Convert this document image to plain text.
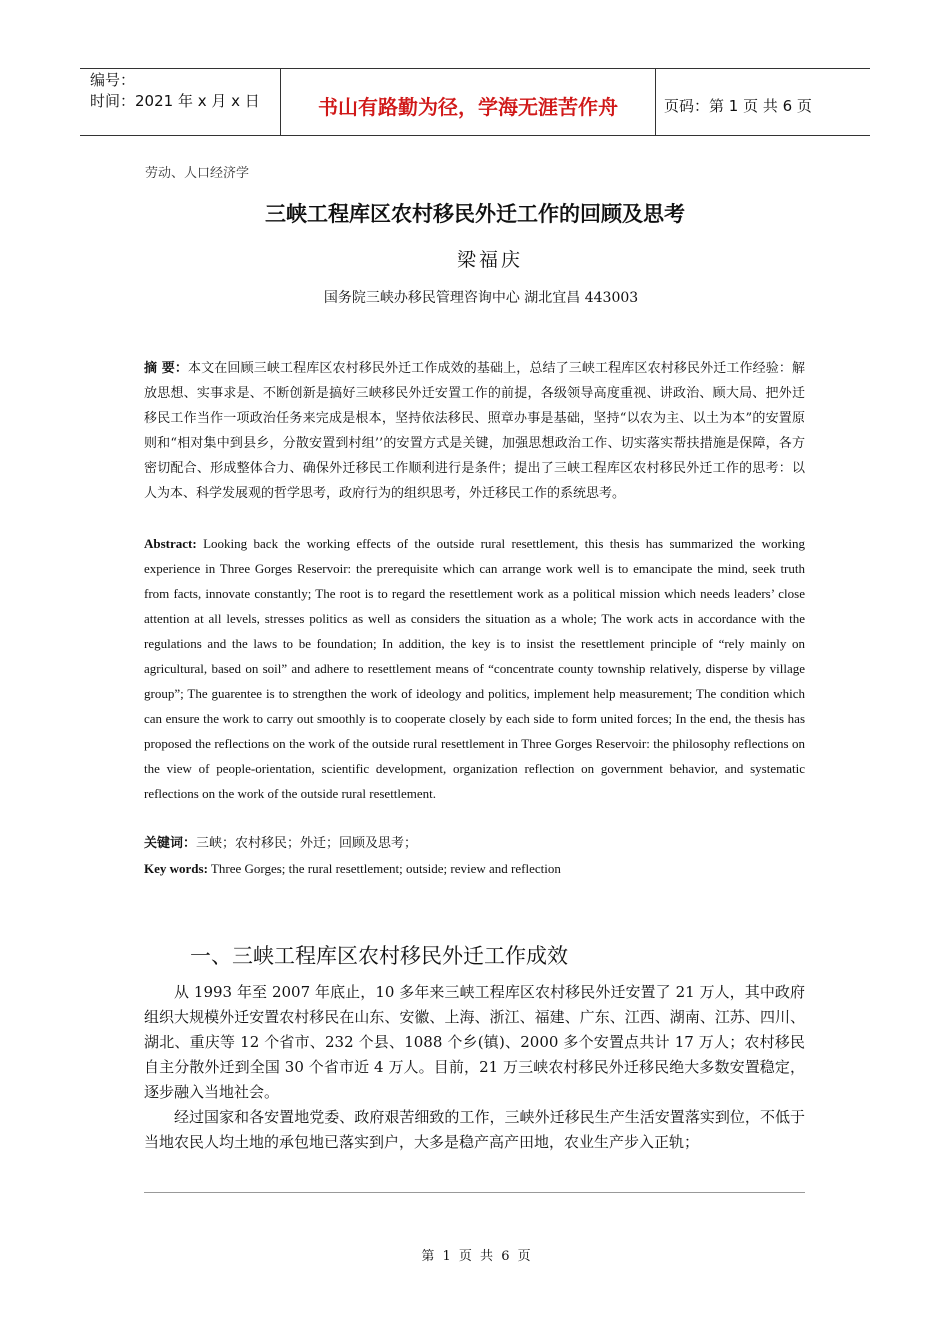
编号：
时间：2021 年 x 月 x 日	书山有路勤为径，学海无涯苦作舟	页码：第 1 页 共 6 页
劳动、人口经济学
三峡工程库区农村移民外迁工作的回顾及思考
梁福庆
国务院三峡办移民管理咨询中心 湖北宜昌 443003
摘 要：本文在回顾三峡工程库区农村移民外迁工作成效的基础上，总结了三峡工程库区农村移民外迁工作经验：解放思想、实事求是、不断创新是搞好三峡移民外迁安置工作的前提，各级领导高度重视、讲政治、顾大局、把外迁移民工作当作一项政治任务来完成是根本，坚持依法移民、照章办事是基础，坚持“以农为主、以土为本”的安置原则和“相对集中到县乡，分散安置到村组’’的安置方式是关键，加强思想政治工作、切实落实帮扶措施是保障，各方密切配合、形成整体合力、确保外迁移民工作顺利进行是条件；提出了三峡工程库区农村移民外迁工作的思考：以人为本、科学发展观的哲学思考，政府行为的组织思考，外迁移民工作的系统思考。
Abstract: Looking back the working effects of the outside rural resettlement, this thesis has summarized the working experience in Three Gorges Reservoir: the prerequisite which can arrange work well is to emancipate the mind, seek truth from facts, innovate constantly; The root is to regard the resettlement work as a political mission which needs leaders’ close attention at all levels, stresses politics as well as considers the situation as a whole; The work acts in accordance with the regulations and the laws to be foundation; In addition, the key is to insist the resettlement principle of “rely mainly on agricultural, based on soil” and adhere to resettlement means of “concentrate county township relatively, disperse by village group”; The guarentee is to strengthen the work of ideology and politics, implement help measurement; The condition which can ensure the work to carry out smoothly is to cooperate closely by each side to form united forces; In the end, the thesis has proposed the reflections on the work of the outside rural resettlement in Three Gorges Reservoir: the philosophy reflections on the view of people-orientation, scientific development, organization reflection on government behavior, and systematic reflections on the work of the outside rural resettlement.
关键词：三峡；农村移民；外迁；回顾及思考；
Key words: Three Gorges; the rural resettlement; outside; review and reflection
一、三峡工程库区农村移民外迁工作成效
从 1993 年至 2007 年底止，10 多年来三峡工程库区农村移民外迁安置了 21 万人，其中政府组织大规模外迁安置农村移民在山东、安徽、上海、浙江、福建、广东、江西、湖南、江苏、四川、湖北、重庆等 12 个省市、232 个县、1088 个乡(镇)、2000 多个安置点共计 17 万人；农村移民自主分散外迁到全国 30 个省市近 4 万人。目前，21 万三峡农村移民外迁移民绝大多数安置稳定，逐步融入当地社会。
经过国家和各安置地党委、政府艰苦细致的工作，三峡外迁移民生产生活安置落实到位，不低于当地农民人均土地的承包地已落实到户，大多是稳产高产田地，农业生产步入正轨；
第 1 页 共 6 页
